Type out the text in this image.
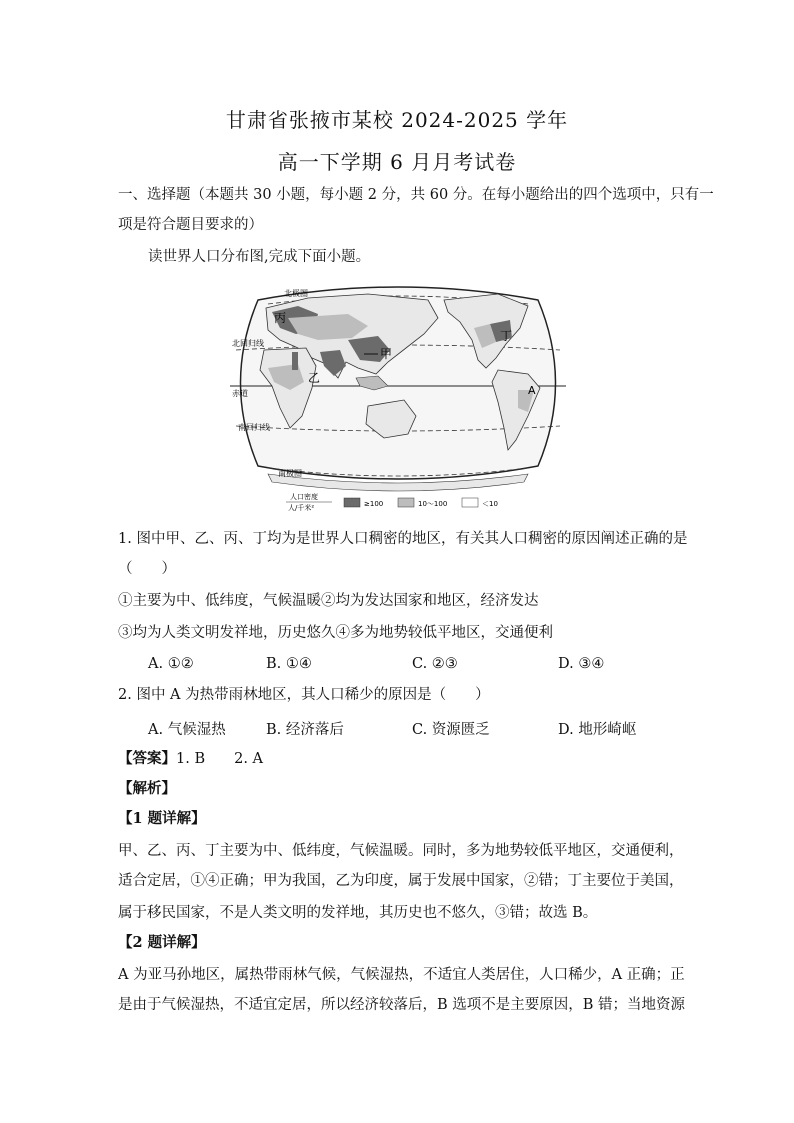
甘肃省张掖市某校 2024-2025 学年
高一下学期 6 月月考试卷
一、选择题（本题共 30 小题，每小题 2 分，共 60 分。在每小题给出的四个选项中，只有一
项是符合题目要求的）
读世界人口分布图,完成下面小题。
北极圈
北回归线
赤道
南回归线
南极圈
丙
甲
乙
丁
A
人口密度
人/千米²	≥100	10～100	＜10
1. 图中甲、乙、丙、丁均为是世界人口稠密的地区，有关其人口稠密的原因阐述正确的是
（　　）
①主要为中、低纬度，气候温暖②均为发达国家和地区，经济发达
③均为人类文明发祥地，历史悠久④多为地势较低平地区，交通便利
A. ①②	B. ①④	C. ②③	D. ③④
2. 图中 A 为热带雨林地区，其人口稀少的原因是（　　）
A. 气候湿热	B. 经济落后	C. 资源匮乏	D. 地形崎岖
【答案】1. B　　2. A
【解析】
【1 题详解】
甲、乙、丙、丁主要为中、低纬度，气候温暖。同时，多为地势较低平地区，交通便利，
适合定居，①④正确；甲为我国，乙为印度，属于发展中国家，②错；丁主要位于美国，
属于移民国家，不是人类文明的发祥地，其历史也不悠久，③错；故选 B。
【2 题详解】
A 为亚马孙地区，属热带雨林气候，气候湿热，不适宜人类居住，人口稀少，A 正确；正
是由于气候湿热，不适宜定居，所以经济较落后，B 选项不是主要原因，B 错；当地资源
